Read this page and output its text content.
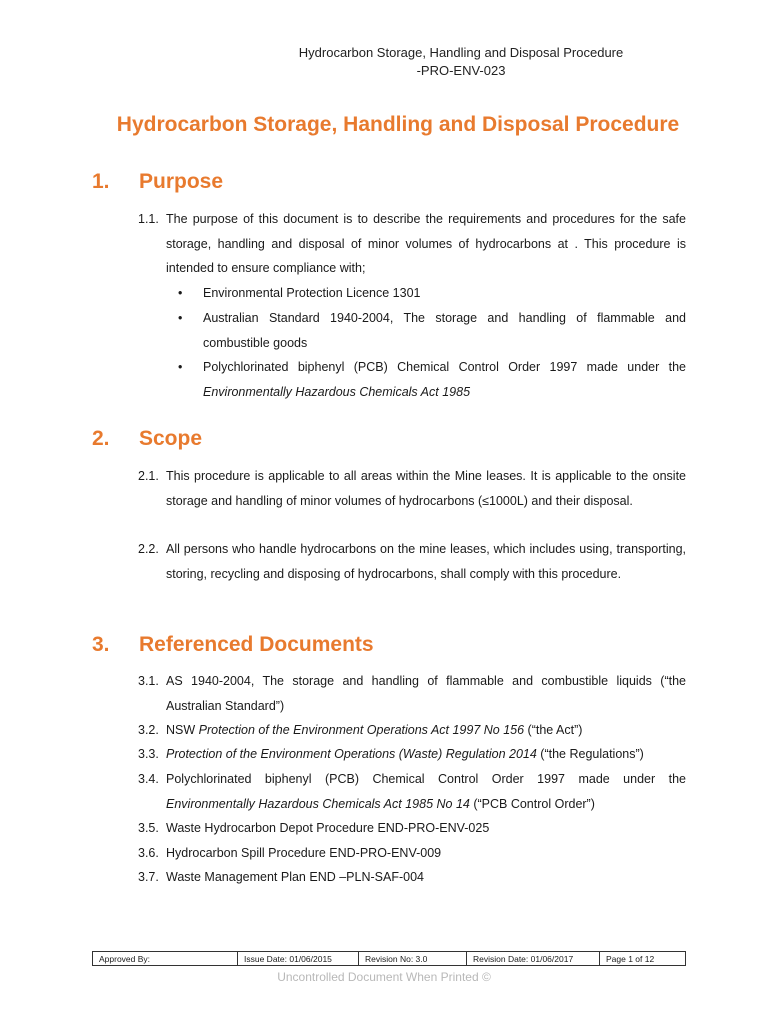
Hydrocarbon Storage, Handling and Disposal Procedure
-PRO-ENV-023
Hydrocarbon Storage, Handling and Disposal Procedure
1. Purpose
1.1. The purpose of this document is to describe the requirements and procedures for the safe storage, handling and disposal of minor volumes of hydrocarbons at . This procedure is intended to ensure compliance with;
• Environmental Protection Licence 1301
• Australian Standard 1940-2004, The storage and handling of flammable and combustible goods
• Polychlorinated biphenyl (PCB) Chemical Control Order 1997 made under the
Environmentally Hazardous Chemicals Act 1985
2. Scope
2.1. This procedure is applicable to all areas within the Mine leases. It is applicable to the onsite storage and handling of minor volumes of hydrocarbons (≤1000L) and their disposal.
2.2. All persons who handle hydrocarbons on the mine leases, which includes using, transporting, storing, recycling and disposing of hydrocarbons, shall comply with this procedure.
3. Referenced Documents
3.1. AS 1940-2004, The storage and handling of flammable and combustible liquids (“the Australian Standard”)
3.2. NSW Protection of the Environment Operations Act 1997 No 156 (“the Act”)
3.3. Protection of the Environment Operations (Waste) Regulation 2014 (“the Regulations”)
3.4. Polychlorinated biphenyl (PCB) Chemical Control Order 1997 made under the
Environmentally Hazardous Chemicals Act 1985 No 14 (“PCB Control Order”)
3.5. Waste Hydrocarbon Depot Procedure END-PRO-ENV-025
3.6. Hydrocarbon Spill Procedure END-PRO-ENV-009
3.7. Waste Management Plan END –PLN-SAF-004
Approved By:	Issue Date: 01/06/2015	Revision No: 3.0	Revision Date: 01/06/2017	Page 1 of 12
Uncontrolled Document When Printed ©
